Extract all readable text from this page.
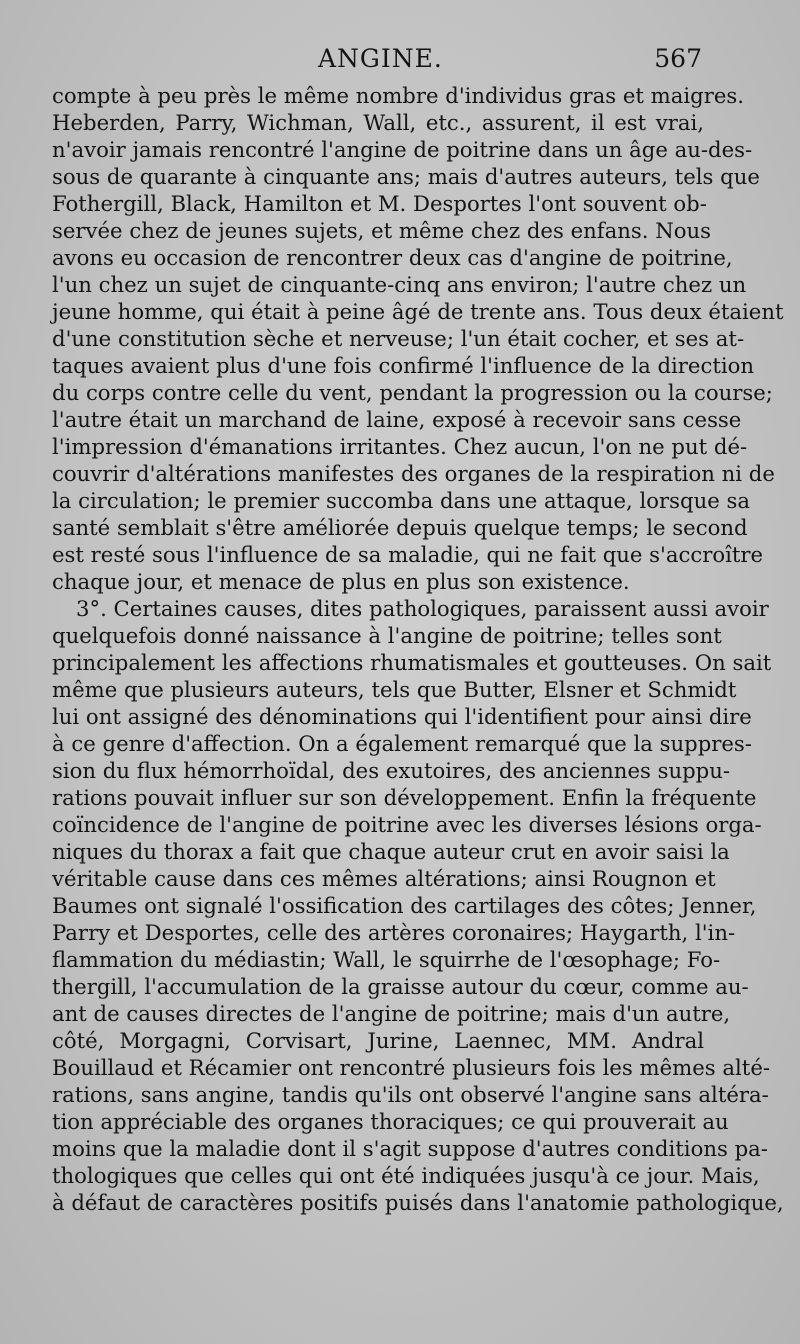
ANGINE.	567
compte à peu près le même nombre d'individus gras et maigres.
Heberden, Parry, Wichman, Wall, etc., assurent, il est vrai,
n'avoir jamais rencontré l'angine de poitrine dans un âge au-des-
sous de quarante à cinquante ans; mais d'autres auteurs, tels que
Fothergill, Black, Hamilton et M. Desportes l'ont souvent ob-
servée chez de jeunes sujets, et même chez des enfans. Nous
avons eu occasion de rencontrer deux cas d'angine de poitrine,
l'un chez un sujet de cinquante-cinq ans environ; l'autre chez un
jeune homme, qui était à peine âgé de trente ans. Tous deux étaient
d'une constitution sèche et nerveuse; l'un était cocher, et ses at-
taques avaient plus d'une fois confirmé l'influence de la direction
du corps contre celle du vent, pendant la progression ou la course;
l'autre était un marchand de laine, exposé à recevoir sans cesse
l'impression d'émanations irritantes. Chez aucun, l'on ne put dé-
couvrir d'altérations manifestes des organes de la respiration ni de
la circulation; le premier succomba dans une attaque, lorsque sa
santé semblait s'être améliorée depuis quelque temps; le second
est resté sous l'influence de sa maladie, qui ne fait que s'accroître
chaque jour, et menace de plus en plus son existence.
3°. Certaines causes, dites pathologiques, paraissent aussi avoir
quelquefois donné naissance à l'angine de poitrine; telles sont
principalement les affections rhumatismales et goutteuses. On sait
même que plusieurs auteurs, tels que Butter, Elsner et Schmidt
lui ont assigné des dénominations qui l'identifient pour ainsi dire
à ce genre d'affection. On a également remarqué que la suppres-
sion du flux hémorrhoïdal, des exutoires, des anciennes suppu-
rations pouvait influer sur son développement. Enfin la fréquente
coïncidence de l'angine de poitrine avec les diverses lésions orga-
niques du thorax a fait que chaque auteur crut en avoir saisi la
véritable cause dans ces mêmes altérations; ainsi Rougnon et
Baumes ont signalé l'ossification des cartilages des côtes; Jenner,
Parry et Desportes, celle des artères coronaires; Haygarth, l'in-
flammation du médiastin; Wall, le squirrhe de l'œsophage; Fo-
thergill, l'accumulation de la graisse autour du cœur, comme au-
ant de causes directes de l'angine de poitrine; mais d'un autre,
côté, Morgagni, Corvisart, Jurine, Laennec, MM. Andral
Bouillaud et Récamier ont rencontré plusieurs fois les mêmes alté-
rations, sans angine, tandis qu'ils ont observé l'angine sans altéra-
tion appréciable des organes thoraciques; ce qui prouverait au
moins que la maladie dont il s'agit suppose d'autres conditions pa-
thologiques que celles qui ont été indiquées jusqu'à ce jour. Mais,
à défaut de caractères positifs puisés dans l'anatomie pathologique,
